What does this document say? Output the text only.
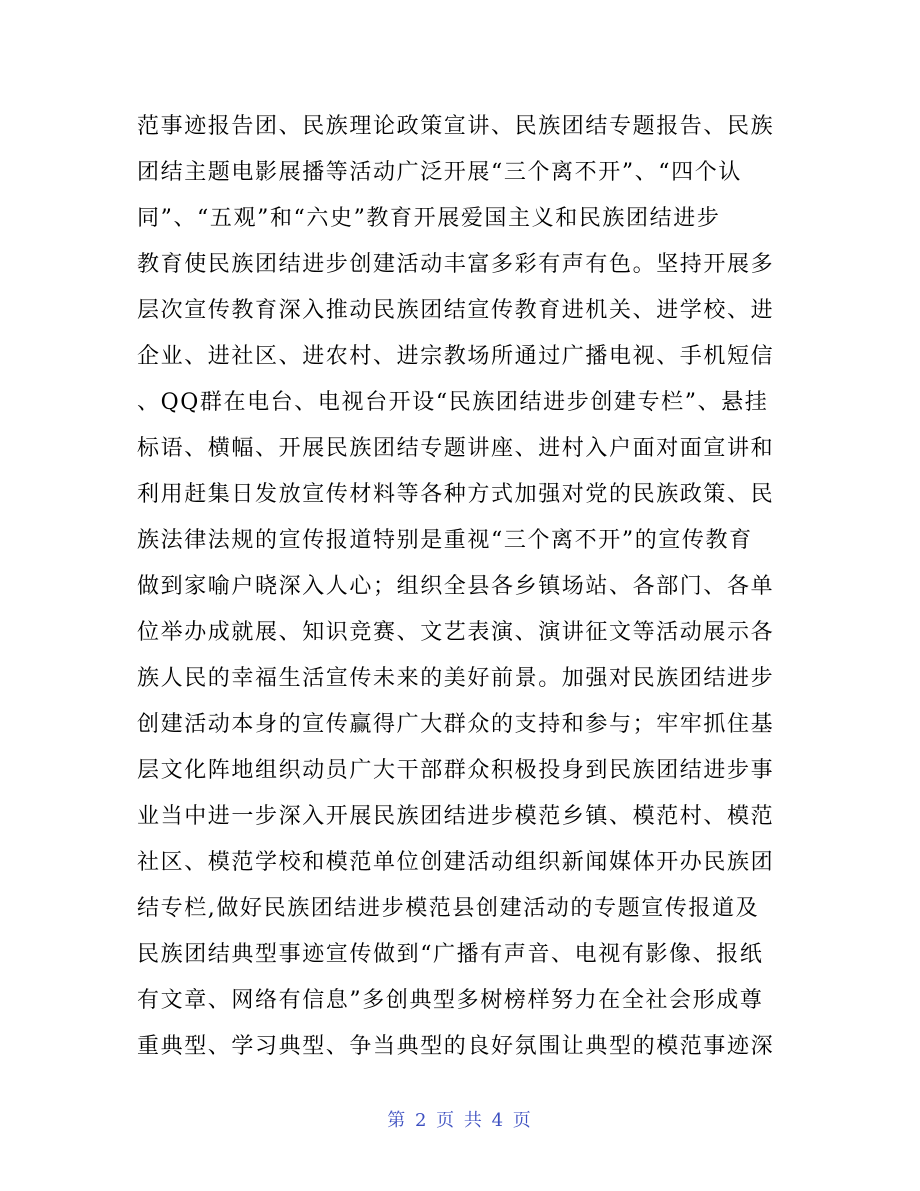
范事迹报告团、民族理论政策宣讲、民族团结专题报告、民族
团结主题电影展播等活动广泛开展“三个离不开”、“四个认
同”、“五观”和“六史”教育开展爱国主义和民族团结进步
教育使民族团结进步创建活动丰富多彩有声有色。坚持开展多
层次宣传教育深入推动民族团结宣传教育进机关、进学校、进
企业、进社区、进农村、进宗教场所通过广播电视、手机短信
、QQ群在电台、电视台开设“民族团结进步创建专栏”、悬挂
标语、横幅、开展民族团结专题讲座、进村入户面对面宣讲和
利用赶集日发放宣传材料等各种方式加强对党的民族政策、民
族法律法规的宣传报道特别是重视“三个离不开”的宣传教育
做到家喻户晓深入人心；组织全县各乡镇场站、各部门、各单
位举办成就展、知识竞赛、文艺表演、演讲征文等活动展示各
族人民的幸福生活宣传未来的美好前景。加强对民族团结进步
创建活动本身的宣传赢得广大群众的支持和参与；牢牢抓住基
层文化阵地组织动员广大干部群众积极投身到民族团结进步事
业当中进一步深入开展民族团结进步模范乡镇、模范村、模范
社区、模范学校和模范单位创建活动组织新闻媒体开办民族团
结专栏,做好民族团结进步模范县创建活动的专题宣传报道及
民族团结典型事迹宣传做到“广播有声音、电视有影像、报纸
有文章、网络有信息”多创典型多树榜样努力在全社会形成尊
重典型、学习典型、争当典型的良好氛围让典型的模范事迹深
第 2 页 共 4 页
